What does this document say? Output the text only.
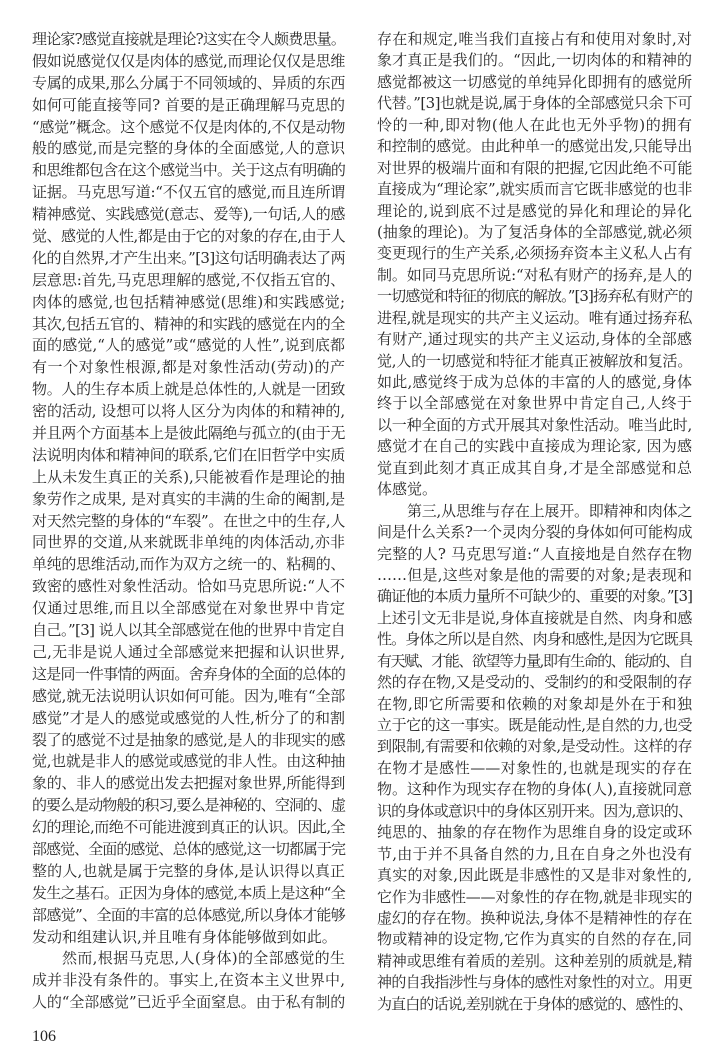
理论家?感觉直接就是理论?这实在令人颇费思量。
假如说感觉仅仅是肉体的感觉,而理论仅仅是思维
专属的成果,那么分属于不同领域的、异质的东西
如何可能直接等同? 首要的是正确理解马克思的
“感觉”概念。这个感觉不仅是肉体的,不仅是动物
般的感觉,而是完整的身体的全面感觉,人的意识
和思维都包含在这个感觉当中。关于这点有明确的
证据。马克思写道:“不仅五官的感觉,而且连所谓
精神感觉、实践感觉(意志、爱等),一句话,人的感
觉、感觉的人性,都是由于它的对象的存在,由于人
化的自然界,才产生出来。”[3]这句话明确表达了两
层意思:首先,马克思理解的感觉,不仅指五官的、
肉体的感觉,也包括精神感觉(思维)和实践感觉;
其次,包括五官的、精神的和实践的感觉在内的全
面的感觉,“人的感觉”或“感觉的人性”,说到底都
有一个对象性根源,都是对象性活动(劳动)的产
物。人的生存本质上就是总体性的,人就是一团致
密的活动, 设想可以将人区分为肉体的和精神的,
并且两个方面基本上是彼此隔绝与孤立的(由于无
法说明肉体和精神间的联系,它们在旧哲学中实质
上从未发生真正的关系),只能被看作是理论的抽
象劳作之成果, 是对真实的丰满的生命的阉割,是
对天然完整的身体的“车裂”。在世之中的生存,人
同世界的交道,从来就既非单纯的肉体活动,亦非
单纯的思维活动,而作为双方之统一的、粘稠的、
致密的感性对象性活动。恰如马克思所说:“人不
仅通过思维,而且以全部感觉在对象世界中肯定
自己。”[3] 说人以其全部感觉在他的世界中肯定自
己,无非是说人通过全部感觉来把握和认识世界,
这是同一件事情的两面。舍弃身体的全面的总体的
感觉,就无法说明认识如何可能。因为,唯有“全部
感觉”才是人的感觉或感觉的人性,析分了的和割
裂了的感觉不过是抽象的感觉,是人的非现实的感
觉,也就是非人的感觉或感觉的非人性。由这种抽
象的、非人的感觉出发去把握对象世界,所能得到
的要么是动物般的积习,要么是神秘的、空洞的、虚
幻的理论,而绝不可能进渡到真正的认识。因此,全
部感觉、全面的感觉、总体的感觉,这一切都属于完
整的人,也就是属于完整的身体,是认识得以真正
发生之基石。正因为身体的感觉,本质上是这种“全
部感觉”、全面的丰富的总体感觉,所以身体才能够
发动和组建认识,并且唯有身体能够做到如此。
然而,根据马克思,人(身体)的全部感觉的生
成并非没有条件的。事实上,在资本主义世界中,
人的“全部感觉”已近乎全面窒息。由于私有制的
存在和规定,唯当我们直接占有和使用对象时,对
象才真正是我们的。“因此,一切肉体的和精神的
感觉都被这一切感觉的单纯异化即拥有的感觉所
代替。”[3]也就是说,属于身体的全部感觉只余下可
怜的一种,即对物(他人在此也无外乎物)的拥有
和控制的感觉。由此种单一的感觉出发,只能导出
对世界的极端片面和有限的把握,它因此绝不可能
直接成为“理论家”,就实质而言它既非感觉的也非
理论的,说到底不过是感觉的异化和理论的异化
(抽象的理论)。为了复活身体的全部感觉,就必须
变更现行的生产关系,必须扬弃资本主义私人占有
制。如同马克思所说:“对私有财产的扬弃,是人的
一切感觉和特征的彻底的解放。”[3]扬弃私有财产的
进程,就是现实的共产主义运动。唯有通过扬弃私
有财产,通过现实的共产主义运动,身体的全部感
觉,人的一切感觉和特征才能真正被解放和复活。
如此,感觉终于成为总体的丰富的人的感觉,身体
终于以全部感觉在对象世界中肯定自己,人终于
以一种全面的方式开展其对象性活动。唯当此时,
感觉才在自己的实践中直接成为理论家, 因为感
觉直到此刻才真正成其自身,才是全部感觉和总
体感觉。
第三,从思维与存在上展开。即精神和肉体之
间是什么关系?一个灵肉分裂的身体如何可能构成
完整的人? 马克思写道:“人直接地是自然存在物
……但是,这些对象是他的需要的对象;是表现和
确证他的本质力量所不可缺少的、重要的对象。”[3]
上述引文无非是说,身体直接就是自然、肉身和感
性。身体之所以是自然、肉身和感性,是因为它既具
有天赋、才能、欲望等力量,即有生命的、能动的、自
然的存在物,又是受动的、受制约的和受限制的存
在物,即它所需要和依赖的对象却是外在于和独
立于它的这一事实。既是能动性,是自然的力,也受
到限制,有需要和依赖的对象,是受动性。这样的存
在物才是感性——对象性的,也就是现实的存在
物。这种作为现实存在物的身体(人),直接就同意
识的身体或意识中的身体区别开来。因为,意识的、
纯思的、抽象的存在物作为思维自身的设定或环
节,由于并不具备自然的力,且在自身之外也没有
真实的对象,因此既是非感性的又是非对象性的,
它作为非感性——对象性的存在物,就是非现实的
虚幻的存在物。换种说法,身体不是精神性的存在
物或精神的设定物,它作为真实的自然的存在,同
精神或思维有着质的差别。这种差别的质就是,精
神的自我指涉性与身体的感性对象性的对立。用更
为直白的话说,差别就在于身体的感觉的、感性的、
106
